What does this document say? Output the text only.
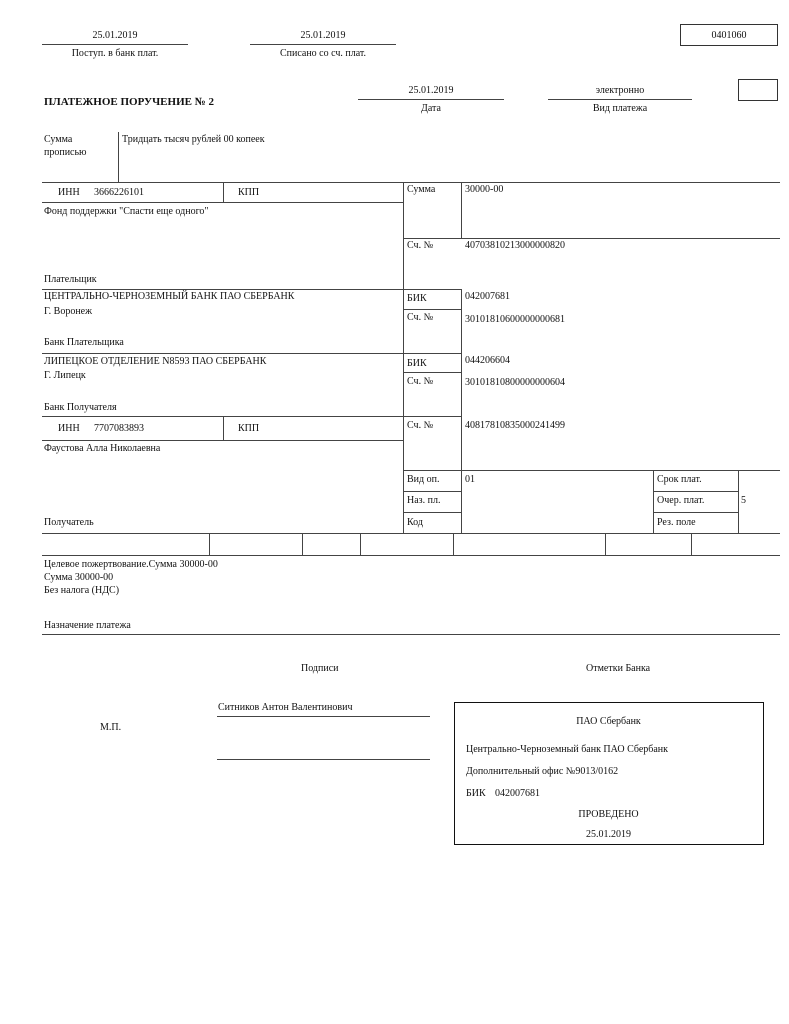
25.01.2019
Поступ. в банк плат.
25.01.2019
Списано со сч. плат.
0401060
ПЛАТЕЖНОЕ ПОРУЧЕНИЕ № 2
25.01.2019
Дата
электронно
Вид платежа
Сумма
прописью
Тридцать тысяч рублей 00 копеек
ИНН 3666226101	КПП
Фонд поддержки "Спасти еще одного"
Плательщик
Сумма	30000-00
Сч. №	40703810213000000820
ЦЕНТРАЛЬНО-ЧЕРНОЗЕМНЫЙ БАНК ПАО СБЕРБАНК
Г. Воронеж
Банк Плательщика
БИК	042007681
Сч. №	30101810600000000681
ЛИПЕЦКОЕ ОТДЕЛЕНИЕ N8593 ПАО СБЕРБАНК
Г. Липецк
Банк Получателя
БИК	044206604
Сч. №	30101810800000000604
ИНН 7707083893	КПП
Фаустова Алла Николаевна
Получатель
Сч. №	40817810835000241499
Вид оп.	01	Срок плат.
Наз. пл.	Очер. плат.	5
Код	Рез. поле
Целевое пожертвование.Сумма 30000-00
Сумма 30000-00
Без налога (НДС)
Назначение платежа
Подписи	Отметки Банка
М.П.
Ситников Антон Валентинович
ПАО Сбербанк
Центрально-Черноземный банк ПАО Сбербанк
Дополнительный офис №9013/0162
БИК 042007681
ПРОВЕДЕНО
25.01.2019
